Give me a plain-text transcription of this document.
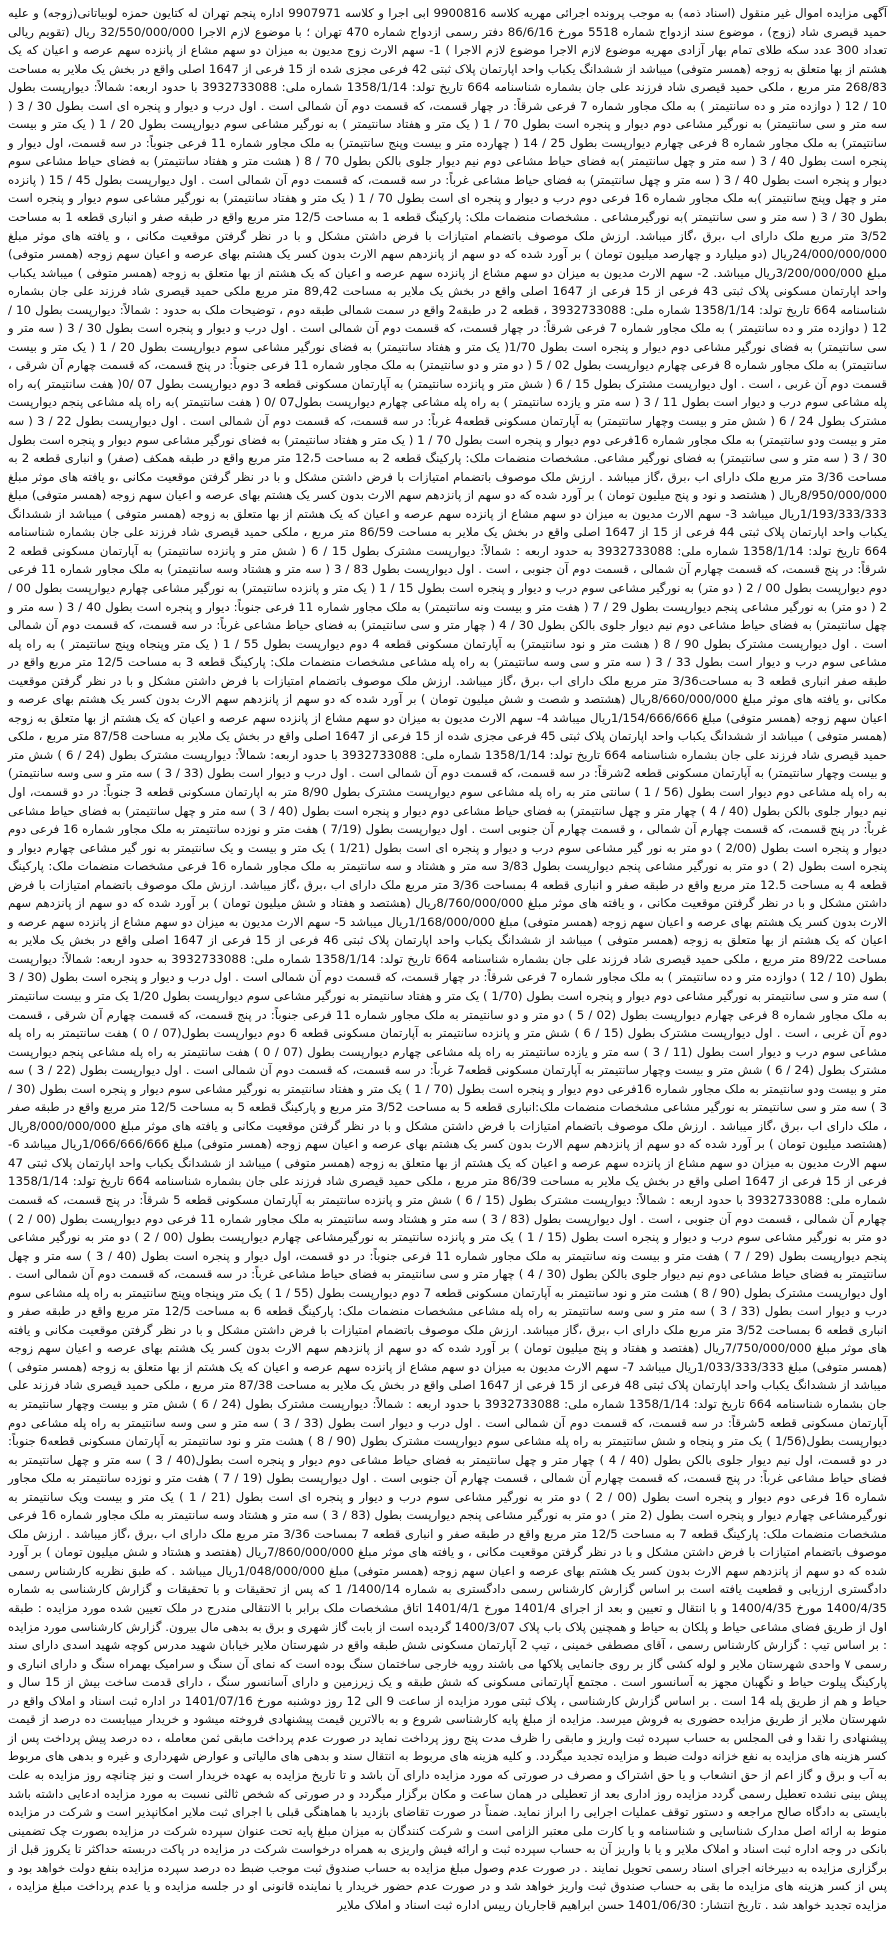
آگهی مزایده اموال غیر منقول (اسناد ذمه) به موجب پرونده اجرائی مهریه کلاسه 9900816 ابی اجرا و کلاسه 9907971 اداره پنجم تهران له کتایون حمزه لوبیاتانی(زوجه) و علیه حمید قیصری شاد (زوج) ، موضوع سند ازدواج شماره 5518 مورخ 86/6/16 دفتر رسمی ازدواج شماره 470 تهران ؛ با موضوع لازم الاجرا 32/550/000/000 ریال (تقویم ریالی تعداد 300 عدد سکه طلای تمام بهار آزادی مهریه موضوع لازم الاجرا موضوع لازم الاجرا ) 1- سهم الارث زوج مدیون به میزان دو سهم مشاع از پانزده سهم عرصه و اعیان که یک هشتم از بها متعلق به زوجه (همسر متوفی) میباشد از ششدانگ یکباب واحد اپارتمان پلاک ثبتی 42 فرعی مجزی شده از 15 فرعی از 1647 اصلی واقع در بخش یک ملایر به مساحت 268/83 متر مربع ، ملکی حمید قیصری شاد فرزند علی جان بشماره شناسنامه 664 تاریخ تولد: 1358/1/14 شماره ملی: 3932733088 با حدود اربعه: شمالاً: دیوارپست بطول 10 / 12 ( دوازده متر و ده سانتیمتر ) به ملک مجاور شماره 7 فرعی شرقاً: در چهار قسمت، که قسمت دوم آن شمالی است . اول درب و دیوار و پنجره ای است بطول 30 / 3 ( سه متر و سی سانتیمتر) به نورگیر مشاعی دوم دیوار و پنجره است بطول 70 / 1 ( یک متر و هفتاد سانتیمتر ) به نورگیر مشاعی سوم دیوارپست بطول 20 / 1 ( یک متر و بیست سانتیمتر) به ملک مجاور شماره 8 فرعی چهارم دیوارپست بطول 25 / 14 ( چهارده متر و بیست وپنج سانتیمتر) به ملک مجاور شماره 11 فرعی جنوباً: در سه قسمت، اول دیوار و پنجره است بطول 40 / 3 ( سه متر و چهل سانتیمتر )به فضای حیاط مشاعی دوم نیم دیوار جلوی بالکن بطول 70 / 8 ( هشت متر و هفتاد سانتیمتر) به فضای حیاط مشاعی سوم دیوار و پنجره است بطول 40 / 3 ( سه متر و چهل سانتیمتر) به فضای حیاط مشاعی غرباً: در سه قسمت، که قسمت دوم آن شمالی است . اول دیوارپست بطول 45 / 15 ( پانزده متر و چهل وپنج سانتیمتر )به ملک مجاور شماره 16 فرعی دوم درب و دیوار و پنجره ای است بطول 70 / 1 ( یک متر و هفتاد سانتیمتر) به نورگیر مشاعی سوم دیوار و پنجره است بطول 30 / 3 ( سه متر و سی سانتیمتر )به نورگیرمشاعی . مشخصات منضمات ملک: پارکینگ قطعه 1 به مساحت 12/5 متر مربع واقع در طبقه صفر و انباری قطعه 1 به مساحت 3/52 متر مربع ملک دارای اب ،برق ،گاز میباشد. ارزش ملک موصوف باتضمام امتیازات با فرض داشتن مشکل و با در نظر گرفتن موقعیت مکانی ، و یافته های موثر مبلغ 24/000/000/000ریال (دو میلیارد و چهارصد میلیون تومان ) بر آورد شده که دو سهم از پانزدهم سهم الارث بدون کسر یک هشتم بهای عرصه و اعیان سهم زوجه (همسر متوفی) مبلغ 3/200/000/000ریال میباشد. 2- سهم الارث مدیون به میزان دو سهم مشاع از پانزده سهم عرصه و اعیان که یک هشتم از بها متعلق به زوجه (همسر متوفی ) میباشد یکباب واحد اپارتمان مسکونی پلاک ثبتی 43 فرعی از 15 فرعی از 1647 اصلی واقع در بخش یک ملایر به مساحت 89,42 متر مربع ملکی حمید قیصری شاد فرزند علی جان بشماره شناسنامه 664 تاریخ تولد: 1358/1/14 شماره ملی: 3932733088 ، قطعه 2 در طبقه2 واقع در سمت شمالی طبقه دوم ، توضیحات ملک به حدود : شمالاً: دیوارپست بطول 10 / 12 ( دوازده متر و ده سانتیمتر ) به ملک مجاور شماره 7 فرعی شرقاً: در چهار قسمت، که قسمت دوم آن شمالی است . اول درب و دیوار و پنجره است بطول 30 / 3 ( سه متر و سی سانتیمتر) به فضای نورگیر مشاعی دوم دیوار و پنجره است بطول 1/70( یک متر و هفتاد سانتیمتر) به فضای نورگیر مشاعی سوم دیوارپست بطول 20 / 1 ( یک متر و بیست سانتیمتر) به ملک مجاور شماره 8 فرعی چهارم دیوارپست بطول 02 / 5 ( دو متر و دو سانتیمتر) به ملک مجاور شماره 11 فرعی جنوباً: در پنج قسمت، که قسمت چهارم آن شرقی ، قسمت دوم آن غربی ، است . اول دیوارپست مشترک بطول 15 / 6 ( شش متر و پانزده سانتیمتر) به آپارتمان مسکونی قطعه 3 دوم دیوارپست بطول 07 /0( هفت سانتیمتر )به راه پله مشاعی سوم درب و دیوار است بطول 11 / 3 ( سه متر و یازده سانتیمتر ) به راه پله مشاعی چهارم دیوارپست بطول07 /0 ( هفت سانتیمتر )به راه پله مشاعی پنجم دیوارپست مشترک بطول 24 / 6 ( شش متر و بیست وچهار سانتیمتر) به آپارتمان مسکونی قطعه4 غرباً: در سه قسمت، که قسمت دوم آن شمالی است . اول دیوارپست بطول 22 / 3 ( سه متر و بیست ودو سانتیمتر) به ملک مجاور شماره 16فرعی دوم دیوار و پنجره است بطول 70 / 1 ( یک متر و هفتاد سانتیمتر) به فضای نورگیر مشاعی سوم دیوار و پنجره است بطول 30 / 3 ( سه متر و سی سانتیمتر) به فضای نورگیر مشاعی. مشخصات منضمات ملک: پارکینگ قطعه 2 به مساحت 12،5 متر مربع واقع در طبقه همکف (صفر) و انباری قطعه 2 به مساحت 3/36 متر مربع ملک دارای اب ،برق ،گاز میباشد . ارزش ملک موصوف باتضمام امتیازات با فرض داشتن مشکل و با در نظر گرفتن موقعیت مکانی ،و یافته های موثر مبلغ 8/950/000/000ریال ( هشتصد و نود و پنج میلیون تومان ) بر آورد شده که دو سهم از پانزدهم سهم الارث بدون کسر یک هشتم بهای عرصه و اعیان سهم زوجه (همسر متوفی) مبلغ 1/193/333/333ریال میباشد 3- سهم الارث مدیون به میزان دو سهم مشاع از پانزده سهم عرصه و اعیان که یک هشتم از بها متعلق به زوجه (همسر متوفی ) میباشد از ششدانگ یکباب واحد اپارتمان پلاک ثبتی 44 فرعی از 15 از 1647 اصلی واقع در بخش یک ملایر به مساحت 86/59 متر مربع ، ملکی حمید قیصری شاد فرزند علی جان بشماره شناسنامه 664 تاریخ تولد: 1358/1/14 شماره ملی: 3932733088 به حدود اربعه : شمالاً: دیوارپست مشترک بطول 15 / 6 ( شش متر و پانزده سانتیمتر) به آپارتمان مسکونی قطعه 2 شرقاً: در پنج قسمت، که قسمت چهارم آن شمالی ، قسمت دوم آن جنوبی ، است . اول دیوارپست بطول 83 / 3 ( سه متر و هشتاد وسه سانتیمتر) به ملک مجاور شماره 11 فرعی دوم دیوارپست بطول 00 / 2 ( دو متر) به نورگیر مشاعی سوم درب و دیوار و پنجره است بطول 15 / 1 ( یک متر و پانزده سانتیمتر) به نورگیر مشاعی چهارم دیوارپست بطول 00 / 2 ( دو متر) به نورگیر مشاعی پنجم دیوارپست بطول 29 / 7 ( هفت متر و بیست ونه سانتیمتر) به ملک مجاور شماره 11 فرعی جنوباً: دیوار و پنجره است بطول 40 / 3 ( سه متر و چهل سانتیمتر) به فضای حیاط مشاعی دوم نیم دیوار جلوی بالکن بطول 30 / 4 ( چهار متر و سی سانتیمتر) به فضای حیاط مشاعی غرباً: در سه قسمت، که قسمت دوم آن شمالی است . اول دیوارپست مشترک بطول 90 / 8 ( هشت متر و نود سانتیمتر) به آپارتمان مسکونی قطعه 4 دوم دیوارپست بطول 55 / 1 ( یک متر وپنجاه وپنج سانتیمتر ) به راه پله مشاعی سوم درب و دیوار است بطول 33 / 3 ( سه متر و سی وسه سانتیمتر) به راه پله مشاعی مشخصات منضمات ملک: پارکینگ قطعه 3 به مساحت 12/5 متر مربع واقع در طبقه صفر انباری قطعه 3 به مساحت3/36 متر مربع ملک دارای اب ،برق ،گاز میباشد. ارزش ملک موصوف باتضمام امتیازات با فرض داشتن مشکل و با در نظر گرفتن موقعیت مکانی ،و یافته های موثر مبلغ 8/660/000/000ریال (هشتصد و شصت و شش میلیون تومان ) بر آورد شده که دو سهم از پانزدهم سهم الارث بدون کسر یک هشتم بهای عرصه و اعیان سهم زوجه (همسر متوفی) مبلغ 1/154/666/666ریال میباشد 4- سهم الارث مدیون به میزان دو سهم مشاع از پانزده سهم عرصه و اعیان که یک هشتم از بها متعلق به زوجه (همسر متوفی ) میباشد از ششدانگ یکباب واحد اپارتمان پلاک ثبتی 45 فرعی مجزی شده از 15 فرعی از 1647 اصلی واقع در بخش یک ملایر به مساحت 87/58 متر مربع ، ملکی حمید قیصری شاد فرزند علی جان بشماره شناسنامه 664 تاریخ تولد: 1358/1/14 شماره ملی: 3932733088 با حدود اربعه: شمالاً: دیوارپست مشترک بطول (24 / 6 ) شش متر و بیست وچهار سانتیمتر) به آپارتمان مسکونی قطعه 2شرقاً: در سه قسمت، که قسمت دوم آن شمالی است . اول درب و دیوار است بطول (33 / 3 ) سه متر و سی وسه سانتیمتر) به راه پله مشاعی دوم دیوار است بطول (56 / 1 ) سانتی متر به راه پله مشاعی سوم دیوارپست مشترک بطول 8/90 متر به اپارتمان مسکونی قطعه 3 جنوباً: در دو قسمت، اول نیم دیوار جلوی بالکن بطول (40 / 4 ) چهار متر و چهل سانتیمتر) به فضای حیاط مشاعی دوم دیوار و پنجره است بطول (40 / 3 ) سه متر و چهل سانتیمتر) به فضای حیاط مشاعی غرباً: در پنج قسمت، که قسمت چهارم آن شمالی ، و قسمت چهارم آن جنوبی است . اول دیوارپست بطول (7/19 ) هفت متر و نوزده سانتیمتر به ملک مجاور شماره 16 فرعی دوم دیوار و پنجره است بطول (2/00 ) دو متر به نور گیر مشاعی سوم درب و دیوار و پنجره ای است بطول (1/21 ) یک متر و بیست و یک سانتیمتر به نور گیر مشاعی چهارم دیوار و پنجره است بطول (2 ) دو متر به نورگیر مشاعی پنجم دیوارپست بطول 3/83 سه متر و هشتاد و سه سانتیمتر به ملک مجاور شماره 16 فرعی مشخصات منضمات ملک: پارکینگ قطعه 4 به مساحت 12.5 متر مربع واقع در طبقه صفر و انباری قطعه 4 بمساحت 3/36 متر مربع ملک دارای اب ،برق ،گاز میباشد. ارزش ملک موصوف باتضمام امتیازات با فرض داشتن مشکل و با در نظر گرفتن موقعیت مکانی ، و یافته های موثر مبلغ 8/760/000/000ریال (هشتصد و هفتاد و شش میلیون تومان ) بر آورد شده که دو سهم از پانزدهم سهم الارث بدون کسر یک هشتم بهای عرصه و اعیان سهم زوجه (همسر متوفی) مبلغ 1/168/000/000ریال میباشد 5- سهم الارث مدیون به میزان دو سهم مشاع از پانزده سهم عرصه و اعیان که یک هشتم از بها متعلق به زوجه (همسر متوفی ) میباشد از ششدانگ یکباب واحد اپارتمان پلاک ثبتی 46 فرعی از 15 فرعی از 1647 اصلی واقع در بخش یک ملایر به مساحت 89/22 متر مربع ، ملکی حمید قیصری شاد فرزند علی جان بشماره شناسنامه 664 تاریخ تولد: 1358/1/14 شماره ملی: 3932733088 به حدود اربعه: شمالاً: دیوارپست بطول (10 / 12 ) دوازده متر و ده سانتیمتر ) به ملک مجاور شماره 7 فرعی شرقاً: در چهار قسمت، که قسمت دوم آن شمالی است . اول درب و دیوار و پنجره است بطول (30 / 3 ) سه متر و سی سانتیمتر به نورگیر مشاعی دوم دیوار و پنجره است بطول (1/70 ) یک متر و هفتاد سانتیمتر به نورگیر مشاعی سوم دیوارپست بطول 1/20 یک متر و بیست سانتیمتر به ملک مجاور شماره 8 فرعی چهارم دیوارپست بطول (02 / 5 ) دو متر و دو سانتیمتر به ملک مجاور شماره 11 فرعی جنوباً: در پنج قسمت، که قسمت چهارم آن شرقی ، قسمت دوم آن غربی ، است . اول دیوارپست مشترک بطول (15 / 6 ) شش متر و پانزده سانتیمتر به آپارتمان مسکونی قطعه 6 دوم دیوارپست بطول(07 / 0 ) هفت سانتیمتر به راه پله مشاعی سوم درب و دیوار است بطول (11 / 3 ) سه متر و یازده سانتیمتر به راه پله مشاعی چهارم دیوارپست بطول (07 / 0 ) هفت سانتیمتر به راه پله مشاعی پنجم دیوارپست مشترک بطول (24 / 6 ) شش متر و بیست وچهار سانتیمتر به آپارتمان مسکونی قطعه7 غرباً: در سه قسمت، که قسمت دوم آن شمالی است . اول دیوارپست بطول (22 / 3 ) سه متر و بیست ودو سانتیمتر به ملک مجاور شماره 16فرعی دوم دیوار و پنجره است بطول (70 / 1 ) یک متر و هفتاد سانتیمتر به نورگیر مشاعی سوم دیوار و پنجره است بطول (30 / 3 ) سه متر و سی سانتیمتر به نورگیر مشاعی مشخصات منضمات ملک:انباری قطعه 5 به مساحت 3/52 متر مربع و پارکینگ قطعه 5 به مساحت 12/5 متر مربع واقع در طبقه صفر ، ملک دارای اب ،برق ،گاز میباشد . ارزش ملک موصوف باتضمام امتیازات با فرض داشتن مشکل و با در نظر گرفتن موقعیت مکانی و یافته های موثر مبلغ 8/000/000/000ریال (هشتصد میلیون تومان ) بر آورد شده که دو سهم از پانزدهم سهم الارث بدون کسر یک هشتم بهای عرصه و اعیان سهم زوجه (همسر متوفی) مبلغ 1/066/666/666ریال میباشد 6- سهم الارث مدیون به میزان دو سهم مشاع از پانزده سهم عرصه و اعیان که یک هشتم از بها متعلق به زوجه (همسر متوفی ) میباشد از ششدانگ یکباب واحد اپارتمان پلاک ثبتی 47 فرعی از 15 فرعی از 1647 اصلی واقع در بخش یک ملایر به مساحت 86/39 متر مربع ، ملکی حمید قیصری شاد فرزند علی جان بشماره شناسنامه 664 تاریخ تولد: 1358/1/14 شماره ملی: 3932733088 با حدود اربعه : شمالاً: دیوارپست مشترک بطول (15 / 6 ) شش متر و پانزده سانتیمتر به آپارتمان مسکونی قطعه 5 شرقاً: در پنج قسمت، که قسمت چهارم آن شمالی ، قسمت دوم آن جنوبی ، است . اول دیوارپست بطول (83 / 3 ) سه متر و هشتاد وسه سانتیمتر به ملک مجاور شماره 11 فرعی دوم دیوارپست بطول (00 / 2 ) دو متر به نورگیر مشاعی سوم درب و دیوار و پنجره است بطول (15 / 1 ) یک متر و پانزده سانتیمتر به نورگیرمشاعی چهارم دیوارپست بطول (00 / 2 ) دو متر به نورگیر مشاعی پنجم دیوارپست بطول (29 / 7 ) هفت متر و بیست ونه سانتیمتر به ملک مجاور شماره 11 فرعی جنوباً: در دو قسمت، اول دیوار و پنجره است بطول (40 / 3 ) سه متر و چهل سانتیمتر به فضای حیاط مشاعی دوم نیم دیوار جلوی بالکن بطول (30 / 4 ) چهار متر و سی سانتیمتر به فضای حیاط مشاعی غرباً: در سه قسمت، که قسمت دوم آن شمالی است . اول دیوارپست مشترک بطول (90 / 8 ) هشت متر و نود سانتیمتر به آپارتمان مسکونی قطعه 7 دوم دیوارپست بطول (55 / 1 ) یک متر وپنجاه وپنج سانتیمتر به راه پله مشاعی سوم درب و دیوار است بطول (33 / 3 ) سه متر و سی وسه سانتیمتر به راه پله مشاعی مشخصات منضمات ملک: پارکینگ قطعه 6 به مساحت 12/5 متر مربع واقع در طبقه صفر و انباری قطعه 6 بمساحت 3/52 متر مربع ملک دارای اب ،برق ،گاز میباشد. ارزش ملک موصوف باتضمام امتیازات با فرض داشتن مشکل و با در نظر گرفتن موقعیت مکانی و یافته های موثر مبلغ 7/750/000/000ریال (هفتصد و هفتاد و پنج میلیون تومان ) بر آورد شده که دو سهم از پانزدهم سهم الارث بدون کسر یک هشتم بهای عرصه و اعیان سهم زوجه (همسر متوفی) مبلغ 1/033/333/333ریال میباشد 7- سهم الارث مدیون به میزان دو سهم مشاع از پانزده سهم عرصه و اعیان که یک هشتم از بها متعلق به زوجه (همسر متوفی ) میباشد از ششدانگ یکباب واحد اپارتمان پلاک ثبتی 48 فرعی از 15 فرعی از 1647 اصلی واقع در بخش یک ملایر به مساحت 87/38 متر مربع ، ملکی حمید قیصری شاد فرزند علی جان بشماره شناسنامه 664 تاریخ تولد: 1358/1/14 شماره ملی: 3932733088 با حدود اربعه : شمالاً: دیوارپست مشترک بطول (24 / 6 ) شش متر و بیست وچهار سانتیمتر به آپارتمان مسکونی قطعه 5شرقاً: در سه قسمت، که قسمت دوم آن شمالی است . اول درب و دیوار است بطول (33 / 3 ) سه متر و سی وسه سانتیمتر به راه پله مشاعی دوم دیوارپست بطول(1/56 ) یک متر و پنجاه و شش سانتیمتر به راه پله مشاعی سوم دیوارپست مشترک بطول (90 / 8 ) هشت متر و نود سانتیمتر به آپارتمان مسکونی قطعه6 جنوباً: در دو قسمت، اول نیم دیوار جلوی بالکن بطول (40 / 4 ) چهار متر و چهل سانتیمتر به فضای حیاط مشاعی دوم دیوار و پنجره است بطول(40 / 3 ) سه متر و چهل سانتیمتر به فضای حیاط مشاعی غرباً: در پنج قسمت، که قسمت چهارم آن شمالی ، قسمت چهارم آن جنوبی است . اول دیوارپست بطول (19 / 7 ) هفت متر و نوزده سانتیمتر به ملک مجاور شماره 16 فرعی دوم دیوار و پنجره است بطول (00 / 2 ) دو متر به نورگیر مشاعی سوم درب و دیوار و پنجره ای است بطول (21 / 1 ) یک متر و بیست ویک سانتیمتر به نورگیرمشاعی چهارم دیوار و پنجره است بطول (2 متر ) دو متر به نورگیر مشاعی پنجم دیوارپست بطول (83 / 3 ) سه متر و هشتاد وسه سانتیمتر به ملک مجاور شماره 16 فرعی مشخصات منضمات ملک: پارکینگ قطعه 7 به مساحت 12/5 متر مربع واقع در طبقه صفر و انباری قطعه 7 بمساحت 3/36 متر مربع ملک دارای اب ،برق ،گاز میباشد . ارزش ملک موصوف باتضمام امتیازات با فرض داشتن مشکل و با در نظر گرفتن موقعیت مکانی ، و یافته های موثر مبلغ 7/860/000/000ریال (هفتصد و هشتاد و شش میلیون تومان ) بر آورد شده که دو سهم از پانزدهم سهم الارث بدون کسر یک هشتم بهای عرصه و اعیان سهم زوجه (همسر متوفی) مبلغ 1/048/000/000ریال میباشد . که طبق نظریه کارشناس رسمی دادگستری ارزیابی و قطعیت یافته است بر اساس گزارش کارشناس رسمی دادگستری به شماره 1400/14/ 1 که پس از تحقیقات و با تحقیقات و گزارش کارشناسی به شماره 1400/4/35 مورخ 1400/4/35 و با انتقال و تعیین و بعد از اجرای 1401/4 مورخ 1401/4/1 اتاق مشخصات ملک برابر با الانتقالی مندرج در ملک تعیین شده مورد مزایده : طبقه اول از طریق فضای مشاعی حیاط و پلکان به حیاط و همچنین پلاک باب پلاک 1400/3/07 گردیده است از بابت گاز شهری و برق به بدهی مال بیرون. گزارش کارشناسی مورد مزایده : بر اساس تیپ : گزارش کارشناس رسمی ، آقای مصطفی خمینی ، تیپ 2 آپارتمان مسکونی شش طبقه واقع در شهرستان ملایر خیابان شهید مدرس کوچه شهید اسدی دارای سند رسمی ۷ واحدی شهرستان ملایر و لوله کشی گاز بر روی جانمایی پلاکها می باشند رویه خارجی ساختمان سنگ بوده است که نمای آن سنگ و سرامیک بهمراه سنگ و دارای انباری و پارکینگ پیلوت حیاط و نگهبان مجهز به آسانسور است . مجتمع آپارتمانی مسکونی که شش طبقه و یک زیرزمین و دارای آسانسور سنگ ، دارای قدمت ساخت بیش از 15 سال و حیاط و هم از طریق پله 14 است .

بر اساس گزارش کارشناسی ، پلاک ثبتی مورد مزایده از ساعت 9 الی 12 روز دوشنبه مورخ 1401/07/16 در اداره ثبت اسناد و املاک واقع در شهرستان ملایر از طریق مزایده حضوری به فروش میرسد. مزایده از مبلغ پایه کارشناسی شروع و به بالاترین قیمت پیشنهادی فروخته میشود و خریدار میبایست ده درصد از قیمت پیشنهادی را نقدا و فی المجلس به حساب سپرده ثبت واریز و مابقی را ظرف مدت پنج روز پرداخت نماید در صورت عدم پرداخت مابقی ثمن معامله ، ده درصد پیش پرداخت پس از کسر هزینه های مزایده به نفع خزانه دولت ضبط و مزایده تجدید میگردد. و کلیه هزینه های مربوط به انتقال سند و بدهی های مالیاتی و عوارض شهرداری و غیره و بدهی های مربوط به آب و برق و گاز اعم از حق انشعاب و یا حق اشتراک و مصرف در صورتی که مورد مزایده دارای آن باشد و تا تاریخ مزایده به عهده خریدار است و نیز چنانچه روز مزایده به علت پیش بینی نشده تعطیل رسمی گردد مزایده روز اداری بعد از تعطیلی در همان ساعت و مکان برگزار میگردد و در صورتی که شخص ثالثی نسبت به مورد مزایده ادعایی داشته باشد بایستی به دادگاه صالح مراجعه و دستور توقف عملیات اجرایی را ابراز نماید. ضمناً در صورت تقاضای بازدید با هماهنگی قبلی با اجرای ثبت ملایر امکانپذیر است و شرکت در مزایده منوط به ارائه اصل مدارک شناسایی و شناسنامه و یا کارت ملی معتبر الزامی است و شرکت کنندگان به میزان مبلغ پایه تحت عنوان سپرده شرکت در مزایده بصورت چک تضمینی بانکی در وجه اداره ثبت اسناد و املاک ملایر و یا با واریز آن به حساب سپرده ثبت و ارائه فیش واریزی به همراه درخواست شرکت در مزایده در پاکت دربسته حداکثر تا یکروز قبل از برگزاری مزایده به دبیرخانه اجرای اسناد رسمی تحویل نمایند . در صورت عدم وصول مبلغ مزایده به حساب صندوق ثبت موجب ضبط ده درصد سپرده مزایده بنفع دولت خواهد بود و پس از کسر هزینه های مزایده ما بقی به حساب صندوق ثبت واریز خواهد شد و در صورت عدم حضور خریدار یا نماینده قانونی او در جلسه مزایده و یا عدم پرداخت مبلغ مزایده ، مزایده تجدید خواهد شد . تاریخ انتشار: 1401/06/30 حسن ابراهیم قاجاریان رییس اداره ثبت اسناد و املاک ملایر
